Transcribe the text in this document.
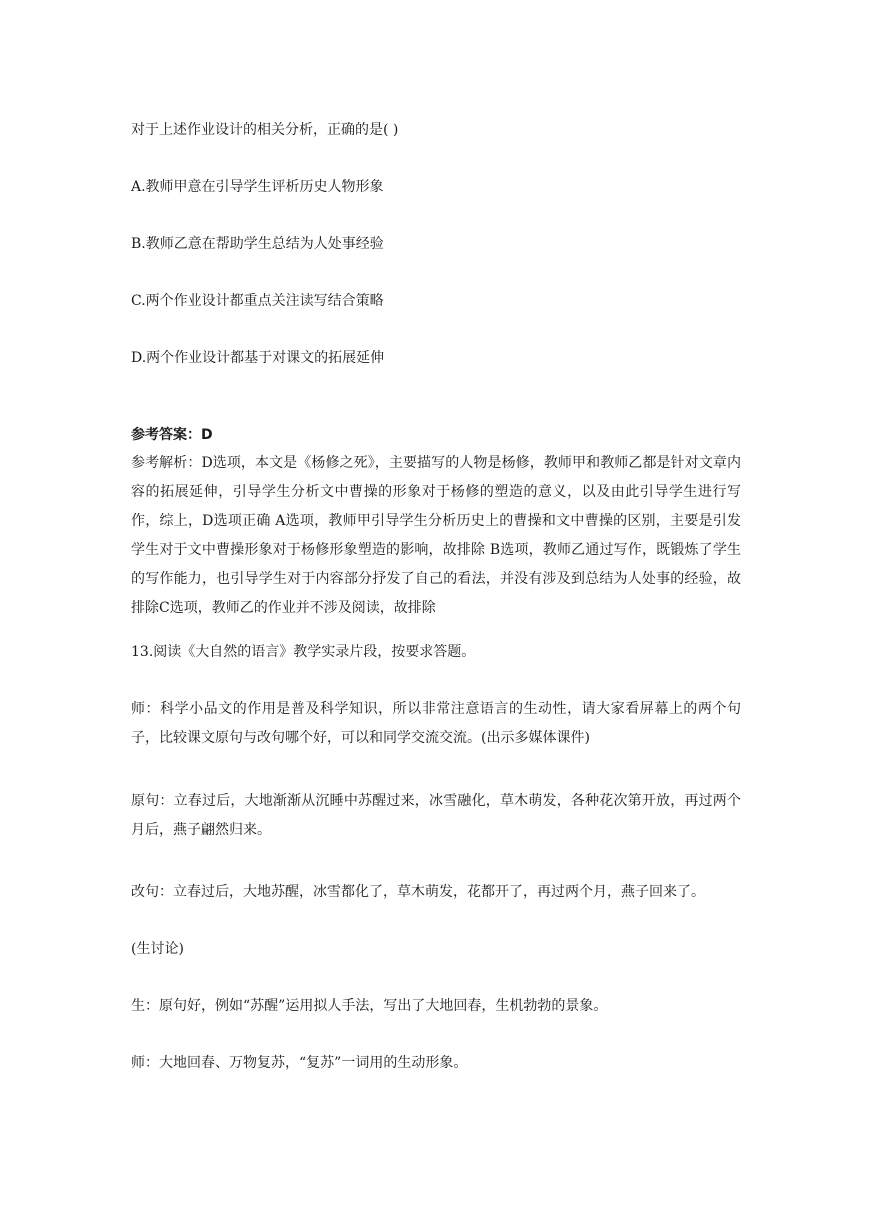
对于上述作业设计的相关分析，正确的是( )
A.教师甲意在引导学生评析历史人物形象
B.教师乙意在帮助学生总结为人处事经验
C.两个作业设计都重点关注读写结合策略
D.两个作业设计都基于对课文的拓展延伸
参考答案：D
参考解析：D选项，本文是《杨修之死》，主要描写的人物是杨修，教师甲和教师乙都是针对文章内容的拓展延伸，引导学生分析文中曹操的形象对于杨修的塑造的意义，以及由此引导学生进行写作，综上，D选项正确 A选项，教师甲引导学生分析历史上的曹操和文中曹操的区别，主要是引发学生对于文中曹操形象对于杨修形象塑造的影响，故排除 B选项，教师乙通过写作，既锻炼了学生的写作能力，也引导学生对于内容部分抒发了自己的看法，并没有涉及到总结为人处事的经验，故排除C选项，教师乙的作业并不涉及阅读，故排除
13.阅读《大自然的语言》教学实录片段，按要求答题。
师：科学小品文的作用是普及科学知识，所以非常注意语言的生动性，请大家看屏幕上的两个句子，比较课文原句与改句哪个好，可以和同学交流交流。(出示多媒体课件)
原句：立春过后，大地渐渐从沉睡中苏醒过来，冰雪融化，草木萌发，各种花次第开放，再过两个月后，燕子翩然归来。
改句：立春过后，大地苏醒，冰雪都化了，草木萌发，花都开了，再过两个月，燕子回来了。
(生讨论)
生：原句好，例如“苏醒”运用拟人手法，写出了大地回春，生机勃勃的景象。
师：大地回春、万物复苏，“复苏”一词用的生动形象。
